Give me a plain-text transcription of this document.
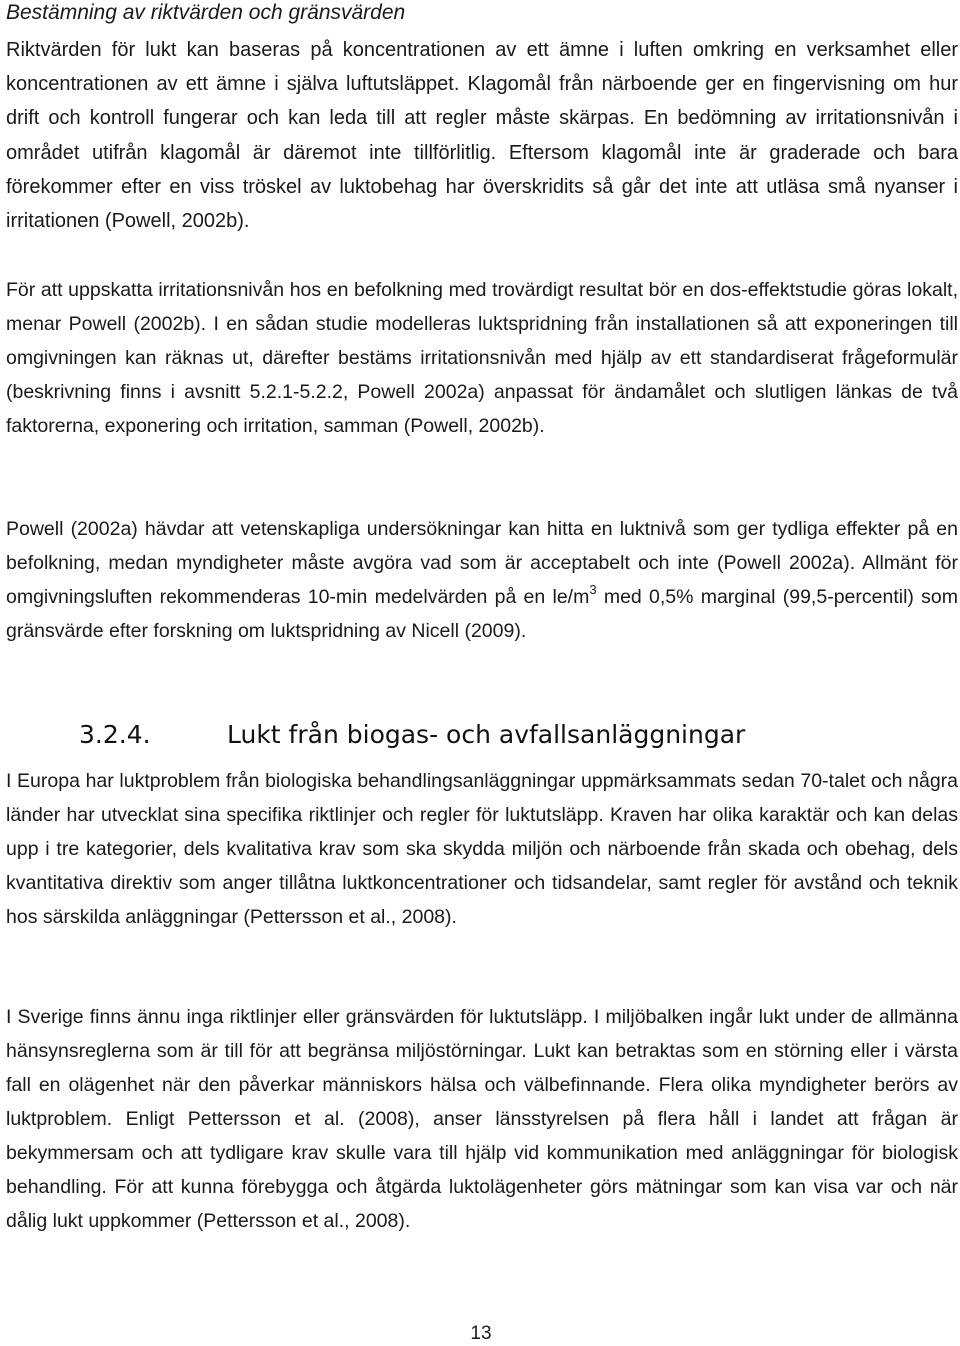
Bestämning av riktvärden och gränsvärden

Riktvärden för lukt kan baseras på koncentrationen av ett ämne i luften omkring en verksamhet eller koncentrationen av ett ämne i själva luftutsläppet. Klagomål från närboende ger en fingervisning om hur drift och kontroll fungerar och kan leda till att regler måste skärpas. En bedömning av irritationsnivån i området utifrån klagomål är däremot inte tillförlitlig. Eftersom klagomål inte är graderade och bara förekommer efter en viss tröskel av luktobehag har överskridits så går det inte att utläsa små nyanser i irritationen (Powell, 2002b).

För att uppskatta irritationsnivån hos en befolkning med trovärdigt resultat bör en dos-effektstudie göras lokalt, menar Powell (2002b). I en sådan studie modelleras luktspridning från installationen så att exponeringen till omgivningen kan räknas ut, därefter bestäms irritationsnivån med hjälp av ett standardiserat frågeformulär (beskrivning finns i avsnitt 5.2.1-5.2.2, Powell 2002a) anpassat för ändamålet och slutligen länkas de två faktorerna, exponering och irritation, samman (Powell, 2002b).

Powell (2002a) hävdar att vetenskapliga undersökningar kan hitta en luktnivå som ger tydliga effekter på en befolkning, medan myndigheter måste avgöra vad som är acceptabelt och inte (Powell 2002a). Allmänt för omgivningsluften rekommenderas 10-min medelvärden på en $le/m^3$ med 0,5% marginal (99,5-percentil) som gränsvärde efter forskning om luktspridning av Nicell (2009).

3.2.4.	Lukt från biogas- och avfallsanläggningar

I Europa har luktproblem från biologiska behandlingsanläggningar uppmärksammats sedan 70-talet och några länder har utvecklat sina specifika riktlinjer och regler för luktutsläpp. Kraven har olika karaktär och kan delas upp i tre kategorier, dels kvalitativa krav som ska skydda miljön och närboende från skada och obehag, dels kvantitativa direktiv som anger tillåtna luktkoncentrationer och tidsandelar, samt regler för avstånd och teknik hos särskilda anläggningar (Pettersson et al., 2008).

I Sverige finns ännu inga riktlinjer eller gränsvärden för luktutsläpp. I miljöbalken ingår lukt under de allmänna hänsynsreglerna som är till för att begränsa miljöstörningar. Lukt kan betraktas som en störning eller i värsta fall en olägenhet när den påverkar människors hälsa och välbefinnande. Flera olika myndigheter berörs av luktproblem. Enligt Pettersson et al. (2008), anser länsstyrelsen på flera håll i landet att frågan är bekymmersam och att tydligare krav skulle vara till hjälp vid kommunikation med anläggningar för biologisk behandling. För att kunna förebygga och åtgärda luktolägenheter görs mätningar som kan visa var och när dålig lukt uppkommer (Pettersson et al., 2008).

13
